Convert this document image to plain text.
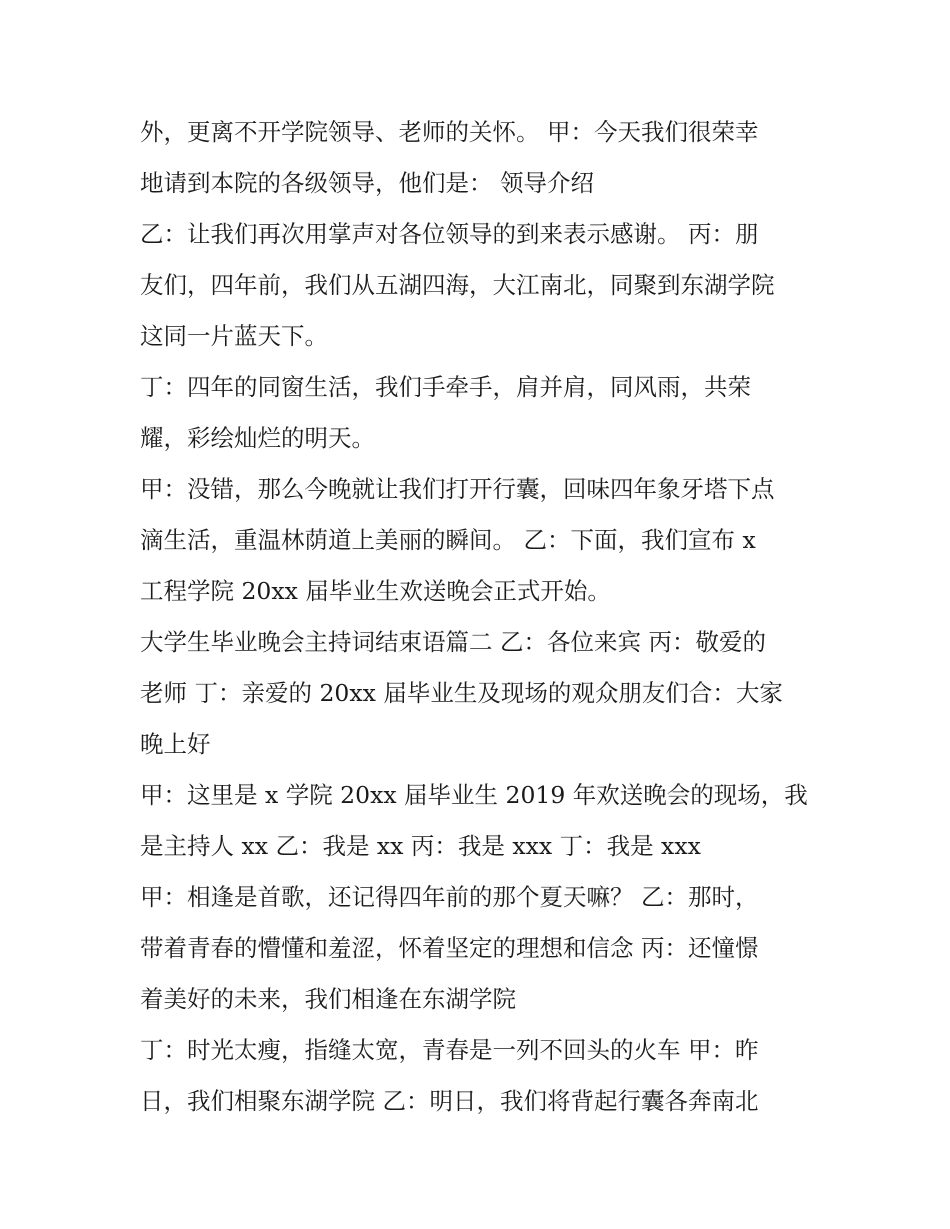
外，更离不开学院领导、老师的关怀。 甲：今天我们很荣幸
地请到本院的各级领导，他们是： 领导介绍
乙：让我们再次用掌声对各位领导的到来表示感谢。 丙：朋
友们，四年前，我们从五湖四海，大江南北，同聚到东湖学院
这同一片蓝天下。
丁：四年的同窗生活，我们手牵手，肩并肩，同风雨，共荣
耀，彩绘灿烂的明天。
甲：没错，那么今晚就让我们打开行囊，回味四年象牙塔下点
滴生活，重温林荫道上美丽的瞬间。 乙：下面，我们宣布 x
工程学院 20xx 届毕业生欢送晚会正式开始。
大学生毕业晚会主持词结束语篇二 乙：各位来宾 丙：敬爱的
老师 丁：亲爱的 20xx 届毕业生及现场的观众朋友们合：大家
晚上好
甲：这里是 x 学院 20xx 届毕业生 2019 年欢送晚会的现场，我
是主持人 xx 乙：我是 xx 丙：我是 xxx 丁：我是 xxx
甲：相逢是首歌，还记得四年前的那个夏天嘛？ 乙：那时，
带着青春的懵懂和羞涩，怀着坚定的理想和信念 丙：还憧憬
着美好的未来，我们相逢在东湖学院
丁：时光太瘦，指缝太宽，青春是一列不回头的火车 甲：昨
日，我们相聚东湖学院 乙：明日，我们将背起行囊各奔南北
